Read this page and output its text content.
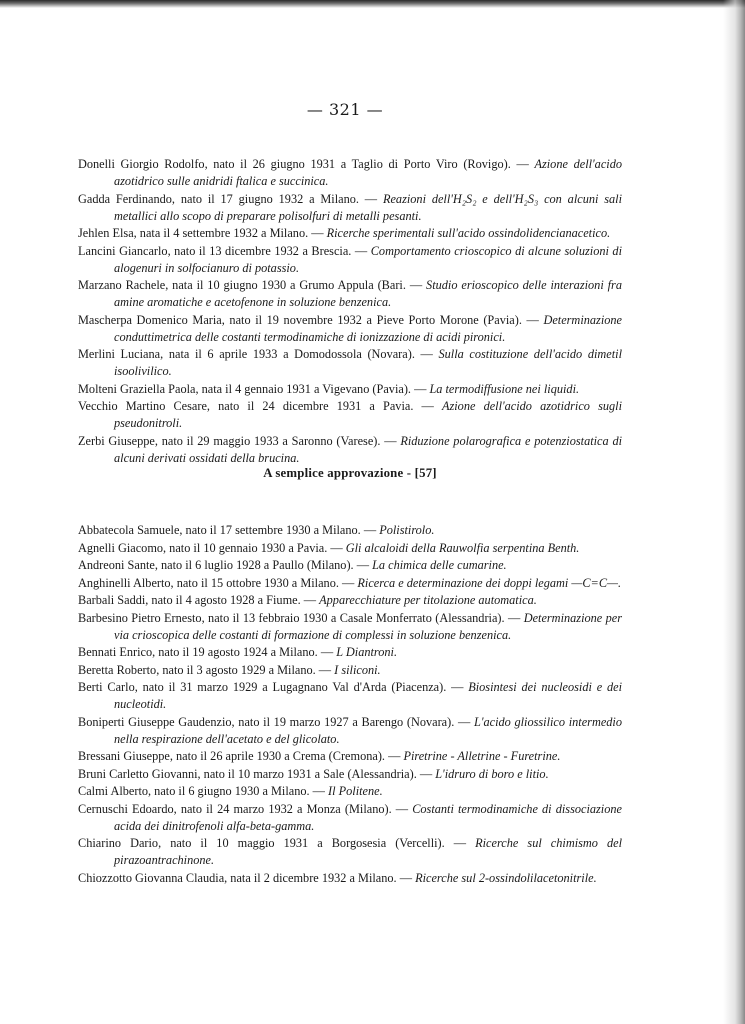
— 321 —

Donelli Giorgio Rodolfo, nato il 26 giugno 1931 a Taglio di Porto Viro (Rovigo). — Azione dell'acido azotidrico sulle anidridi ftalica e succinica.

Gadda Ferdinando, nato il 17 giugno 1932 a Milano. — Reazioni dell'H₂S₂ e dell'H₂S₃ con alcuni sali metallici allo scopo di preparare polisolfuri di metalli pesanti.

Jehlen Elsa, nata il 4 settembre 1932 a Milano. — Ricerche sperimentali sull'acido ossindolidencianacetico.

Lancini Giancarlo, nato il 13 dicembre 1932 a Brescia. — Comportamento crioscopico di alcune soluzioni di alogenuri in solfocianuro di potassio.

Marzano Rachele, nata il 10 giugno 1930 a Grumo Appula (Bari. — Studio erioscopico delle interazioni fra amine aromatiche e acetofenone in soluzione benzenica.

Mascherpa Domenico Maria, nato il 19 novembre 1932 a Pieve Porto Morone (Pavia). — Determinazione conduttimetrica delle costanti termodinamiche di ionizzazione di acidi pironici.

Merlini Luciana, nata il 6 aprile 1933 a Domodossola (Novara). — Sulla costituzione dell'acido dimetil isoolivilico.

Molteni Graziella Paola, nata il 4 gennaio 1931 a Vigevano (Pavia). — La termodiffusione nei liquidi.

Vecchio Martino Cesare, nato il 24 dicembre 1931 a Pavia. — Azione dell'acido azotidrico sugli pseudonitroli.

Zerbi Giuseppe, nato il 29 maggio 1933 a Saronno (Varese). — Riduzione polarografica e potenziostatica di alcuni derivati ossidati della brucina.

A semplice approvazione - [57]

Abbatecola Samuele, nato il 17 settembre 1930 a Milano. — Polistirolo.

Agnelli Giacomo, nato il 10 gennaio 1930 a Pavia. — Gli alcaloidi della Rauwolfia serpentina Benth.

Andreoni Sante, nato il 6 luglio 1928 a Paullo (Milano). — La chimica delle cumarine.

Anghinelli Alberto, nato il 15 ottobre 1930 a Milano. — Ricerca e determinazione dei doppi legami —C=C—.

Barbali Saddi, nato il 4 agosto 1928 a Fiume. — Apparecchiature per titolazione automatica.

Barbesino Pietro Ernesto, nato il 13 febbraio 1930 a Casale Monferrato (Alessandria). — Determinazione per via crioscopica delle costanti di formazione di complessi in soluzione benzenica.

Bennati Enrico, nato il 19 agosto 1924 a Milano. — L Diantroni.

Beretta Roberto, nato il 3 agosto 1929 a Milano. — I siliconi.

Berti Carlo, nato il 31 marzo 1929 a Lugagnano Val d'Arda (Piacenza). — Biosintesi dei nucleosidi e dei nucleotidi.

Boniperti Giuseppe Gaudenzio, nato il 19 marzo 1927 a Barengo (Novara). — L'acido gliossilico intermedio nella respirazione dell'acetato e del glicolato.

Bressani Giuseppe, nato il 26 aprile 1930 a Crema (Cremona). — Piretrine - Alletrine - Furetrine.

Bruni Carletto Giovanni, nato il 10 marzo 1931 a Sale (Alessandria). — L'idruro di boro e litio.

Calmi Alberto, nato il 6 giugno 1930 a Milano. — Il Politene.

Cernuschi Edoardo, nato il 24 marzo 1932 a Monza (Milano). — Costanti termodinamiche di dissociazione acida dei dinitrofenoli alfa-beta-gamma.

Chiarino Dario, nato il 10 maggio 1931 a Borgosesia (Vercelli). — Ricerche sul chimismo del pirazoantrachinone.

Chiozzotto Giovanna Claudia, nata il 2 dicembre 1932 a Milano. — Ricerche sul 2-ossindolilacetonitrile.
